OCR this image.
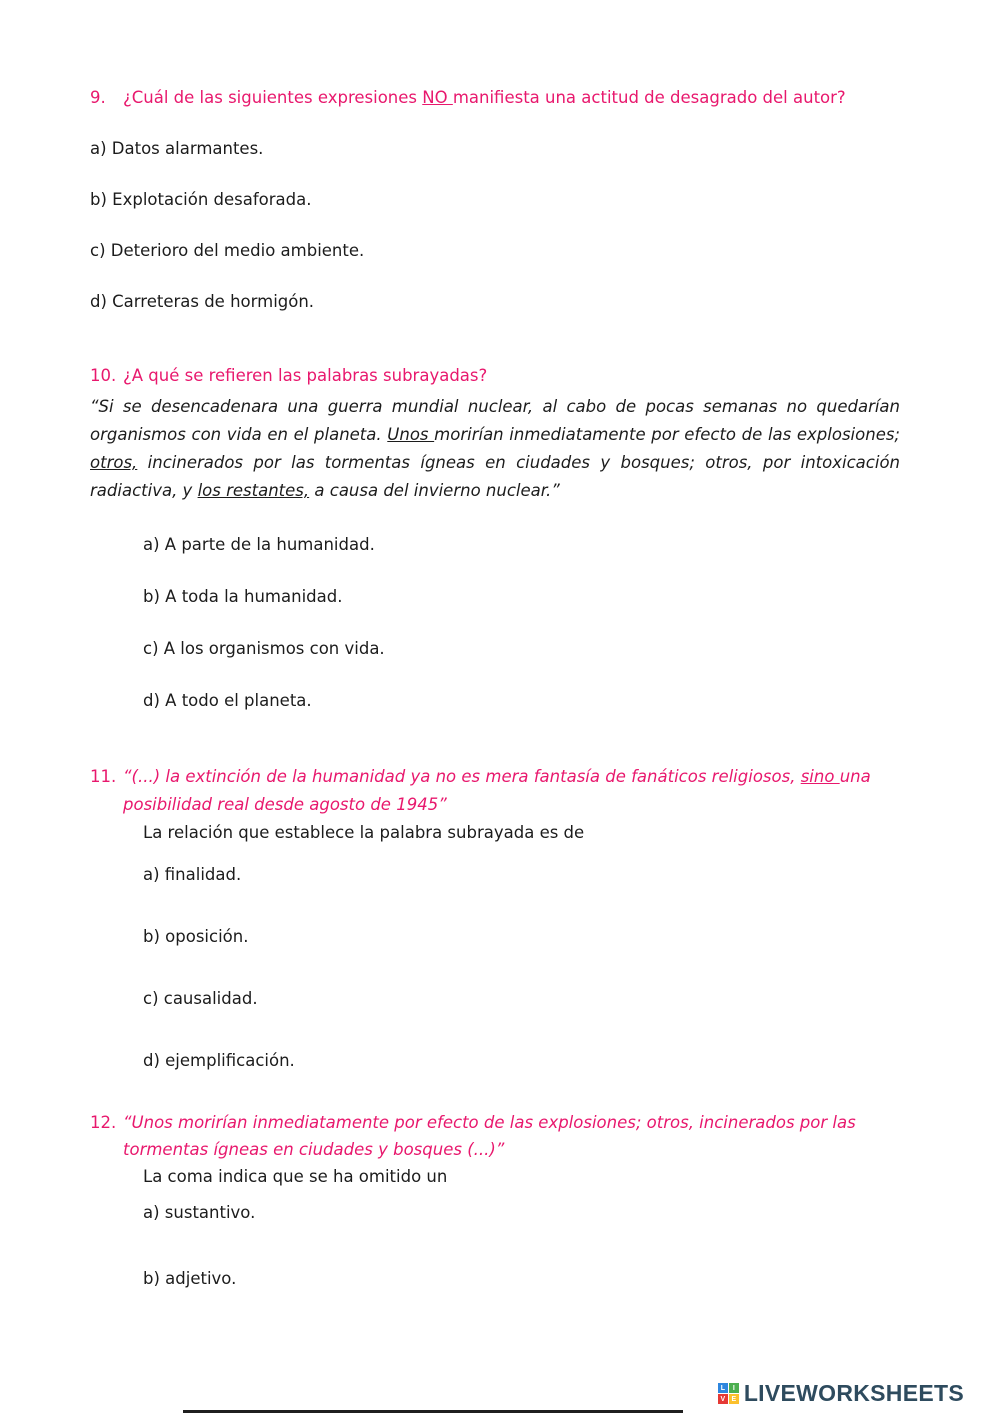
9. ¿Cuál de las siguientes expresiones NO manifiesta una actitud de desagrado del autor?
a) Datos alarmantes.
b) Explotación desaforada.
c) Deterioro del medio ambiente.
d) Carreteras de hormigón.
10. ¿A qué se refieren las palabras subrayadas?
“Si se desencadenara una guerra mundial nuclear, al cabo de pocas semanas no quedarían organismos con vida en el planeta. Unos morirían inmediatamente por efecto de las explosiones; otros, incinerados por las tormentas ígneas en ciudades y bosques; otros, por intoxicación radiactiva, y los restantes, a causa del invierno nuclear.”
a) A parte de la humanidad.
b) A toda la humanidad.
c) A los organismos con vida.
d) A todo el planeta.
11. “(...) la extinción de la humanidad ya no es mera fantasía de fanáticos religiosos, sino una posibilidad real desde agosto de 1945”
La relación que establece la palabra subrayada es de
a) finalidad.
b) oposición.
c) causalidad.
d) ejemplificación.
12. “Unos morirían inmediatamente por efecto de las explosiones; otros, incinerados por las tormentas ígneas en ciudades y bosques (...)”
La coma indica que se ha omitido un
a) sustantivo.
b) adjetivo.
L	I
V E LIVEWORKSHEETS
